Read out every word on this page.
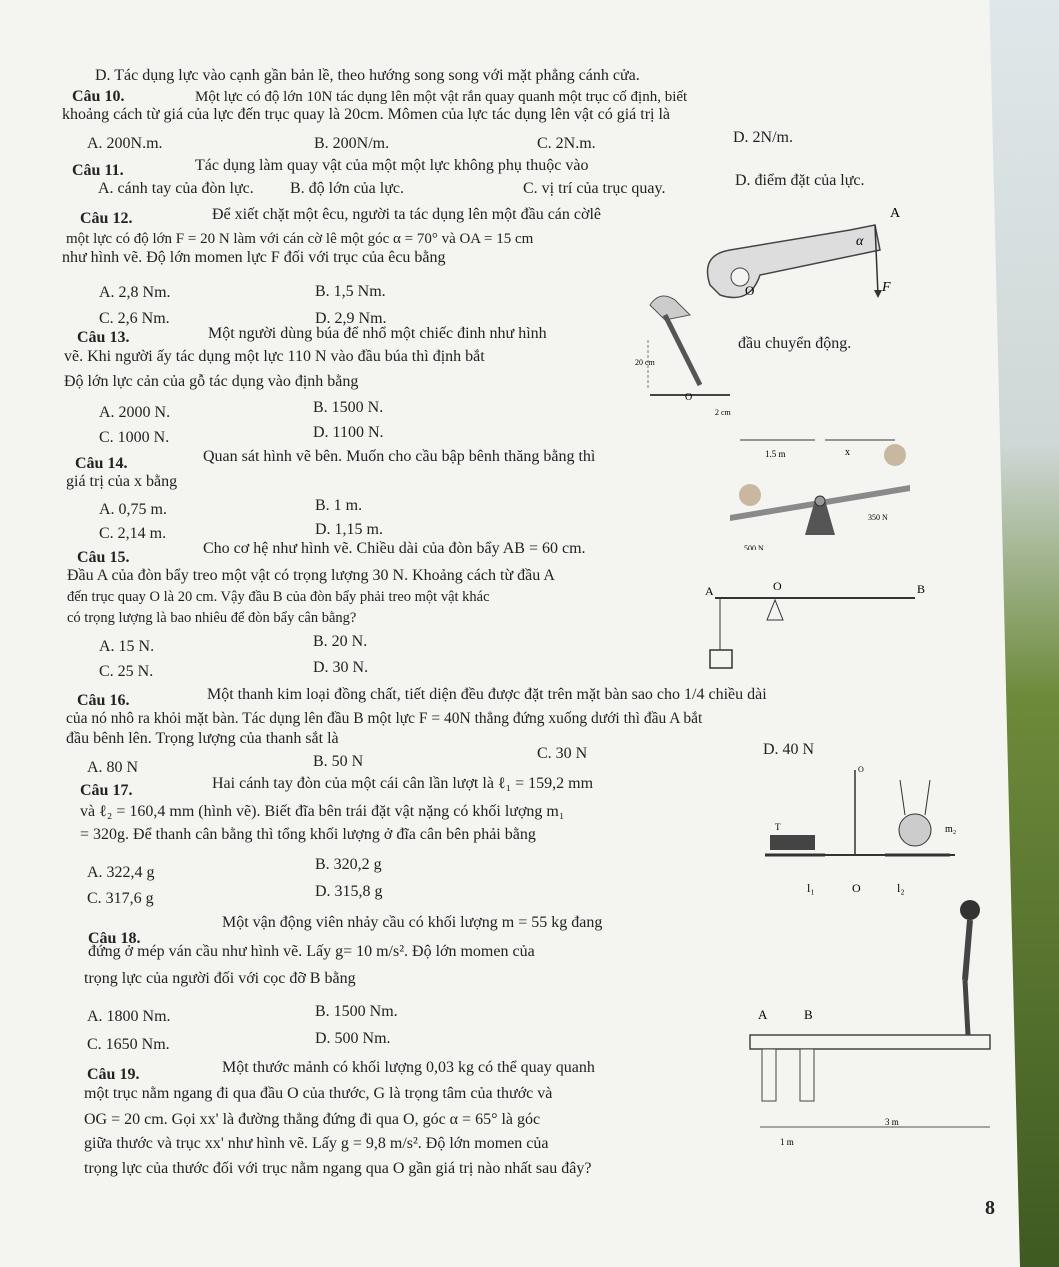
D. Tác dụng lực vào cạnh gần bản lề, theo hướng song song với mặt phẳng cánh cửa.
Câu 10.	Một lực có độ lớn 10N tác dụng lên một vật rắn quay quanh một trục cố định, biết
khoảng cách từ giá của lực đến trục quay là 20cm. Mômen của lực tác dụng lên vật có giá trị là
A. 200N.m.	B. 200N/m.	C. 2N.m.	D. 2N/m.
Câu 11.	Tác dụng làm quay vật của một một lực không phụ thuộc vào
A. cánh tay của đòn lực. B. độ lớn của lực.	C. vị trí của trục quay.	D. điểm đặt của lực.
Câu 12.	Để xiết chặt một êcu, người ta tác dụng lên một đầu cán cờlê
một lực có độ lớn F = 20 N làm với cán cờ lê một góc α = 70° và OA = 15 cm
như hình vẽ. Độ lớn momen lực F đối với trục của êcu bằng
A. 2,8 Nm.	B. 1,5 Nm.
C. 2,6 Nm.	D. 2,9 Nm.
Câu 13.	Một người dùng búa để nhổ một chiếc đinh như hình
vẽ. Khi người ấy tác dụng một lực 110 N vào đầu búa thì định bắt
đầu chuyển động.
Độ lớn lực cản của gỗ tác dụng vào định bằng
A. 2000 N.	B. 1500 N.
C. 1000 N.	D. 1100 N.
Câu 14.	Quan sát hình vẽ bên. Muốn cho cầu bập bênh thăng bằng thì
giá trị của x bằng
A. 0,75 m.	B. 1 m.
C. 2,14 m.	D. 1,15 m.
Câu 15.
Cho cơ hệ như hình vẽ. Chiều dài của đòn bẩy AB = 60 cm.
Đầu A của đòn bẩy treo một vật có trọng lượng 30 N. Khoảng cách từ đầu A
đến trục quay O là 20 cm. Vậy đầu B của đòn bẩy phải treo một vật khác
có trọng lượng là bao nhiêu để đòn bẩy cân bằng?
A. 15 N.	B. 20 N.
C. 25 N.	D. 30 N.
Câu 16.	Một thanh kim loại đồng chất, tiết diện đều được đặt trên mặt bàn sao cho 1/4 chiều dài
của nó nhô ra khỏi mặt bàn. Tác dụng lên đầu B một lực F = 40N thẳng đứng xuống dưới thì đầu A bắt
đầu bênh lên. Trọng lượng của thanh sắt là
A. 80 N	B. 50 N	C. 30 N	D. 40 N
Câu 17.	Hai cánh tay đòn của một cái cân lần lượt là ℓ₁ = 159,2 mm
và ℓ₂ = 160,4 mm (hình vẽ). Biết đĩa bên trái đặt vật nặng có khối lượng m₁
= 320g. Để thanh cân bằng thì tổng khối lượng ở đĩa cân bên phải bằng
A. 322,4 g	B. 320,2 g
C. 317,6 g	D. 315,8 g
Câu 18.
Một vận động viên nhảy cầu có khối lượng m = 55 kg đang
đứng ở mép ván cầu như hình vẽ. Lấy g= 10 m/s². Độ lớn momen của
trọng lực của người đối với cọc đỡ B bằng
A. 1800 Nm.	B. 1500 Nm.
C. 1650 Nm.	D. 500 Nm.
Câu 19.	Một thước mảnh có khối lượng 0,03 kg có thể quay quanh
một trục nằm ngang đi qua đầu O của thước, G là trọng tâm của thước và
OG = 20 cm. Gọi xx' là đường thẳng đứng đi qua O, góc α = 65° là góc
giữa thước và trục xx' như hình vẽ. Lấy g = 9,8 m/s². Độ lớn momen của
trọng lực của thước đối với trục nằm ngang qua O gần giá trị nào nhất sau đây?
8
A
α
O	F
20 cm
O
2 cm
1.5 m	x
350 N
500 N
A	O	B
O
T	m₂
l₁	O	l₂
A	B
1 m
3 m
